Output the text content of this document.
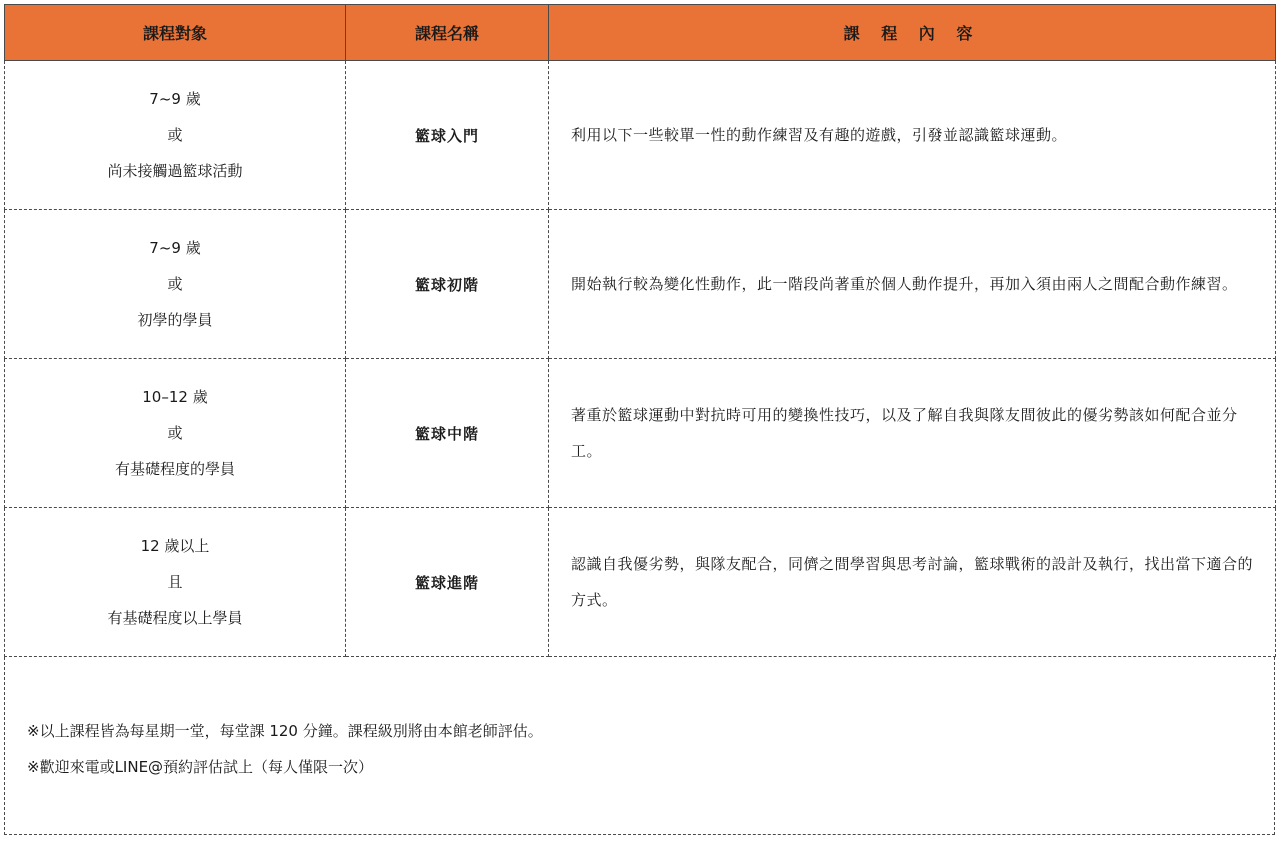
課程對象	課程名稱	課 程 內 容

7~9 歲
或
尚未接觸過籃球活動	籃球入門	利用以下一些較單一性的動作練習及有趣的遊戲，引發並認識籃球運動。

7~9 歲
或
初學的學員	籃球初階	開始執行較為變化性動作，此一階段尚著重於個人動作提升，再加入須由兩人之間配合動作練習。

10–12 歲
或
有基礎程度的學員	籃球中階	著重於籃球運動中對抗時可用的變換性技巧，以及了解自我與隊友間彼此的優劣勢該如何配合並分工。

12 歲以上
且
有基礎程度以上學員	籃球進階	認識自我優劣勢，與隊友配合，同儕之間學習與思考討論，籃球戰術的設計及執行，找出當下適合的方式。
※以上課程皆為每星期一堂，每堂課 120 分鐘。課程級別將由本館老師評估。
※歡迎來電或LINE@預約評估試上（每人僅限一次）
